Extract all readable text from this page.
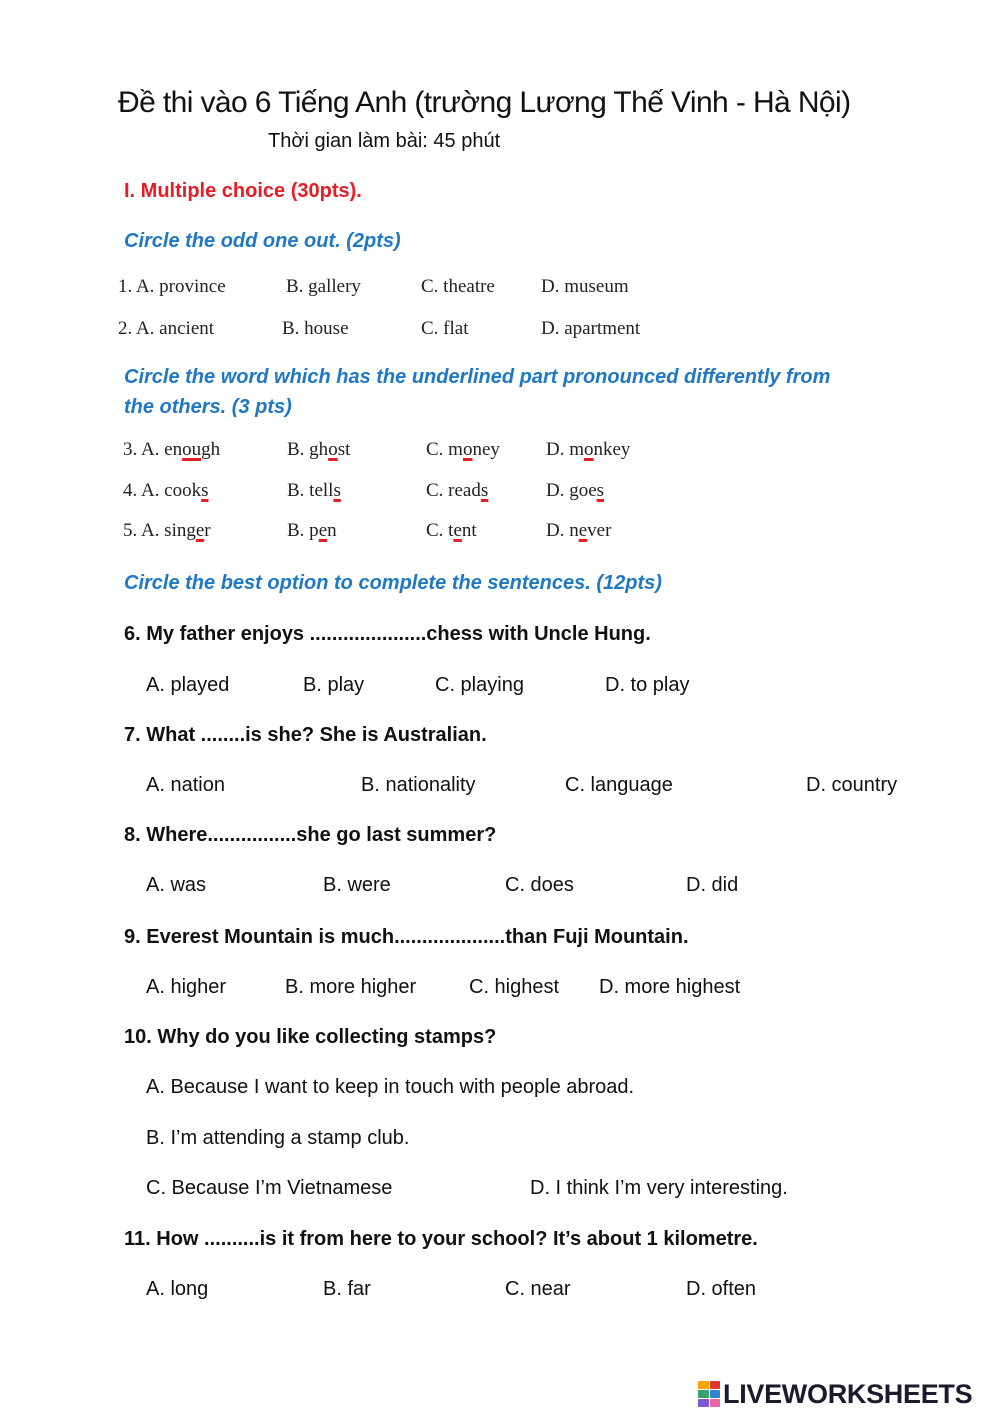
Đề thi vào 6 Tiếng Anh (trường Lương Thế Vinh - Hà Nội)
Thời gian làm bài: 45 phút
I. Multiple choice (30pts).
Circle the odd one out. (2pts)
1. A. province	B. gallery	C. theatre D. museum
2. A. ancient	B. house	C. flat	D. apartment
Circle the word which has the underlined part pronounced differently from
the others. (3 pts)
3. A. enough	B. ghost	C. money D. monkey
4. A. cooks	B. tells	C. reads	D. goes
5. A. singer	B. pen	C. tent	D. never
Circle the best option to complete the sentences. (12pts)
6. My father enjoys .....................chess with Uncle Hung.
A. played	B. play	C. playing	D. to play
7. What ........is she? She is Australian.
A. nation	B. nationality	C. language	D. country
8. Where................she go last summer?
A. was	B. were	C. does	D. did
9. Everest Mountain is much....................than Fuji Mountain.
A. higher	B. more higher	C. highest D. more highest
10. Why do you like collecting stamps?
A. Because I want to keep in touch with people abroad.
B. I’m attending a stamp club.
C. Because I’m Vietnamese	D. I think I’m very interesting.
11. How ..........is it from here to your school? It’s about 1 kilometre.
A. long	B. far	C. near	D. often
LIVEWORKSHEETS
